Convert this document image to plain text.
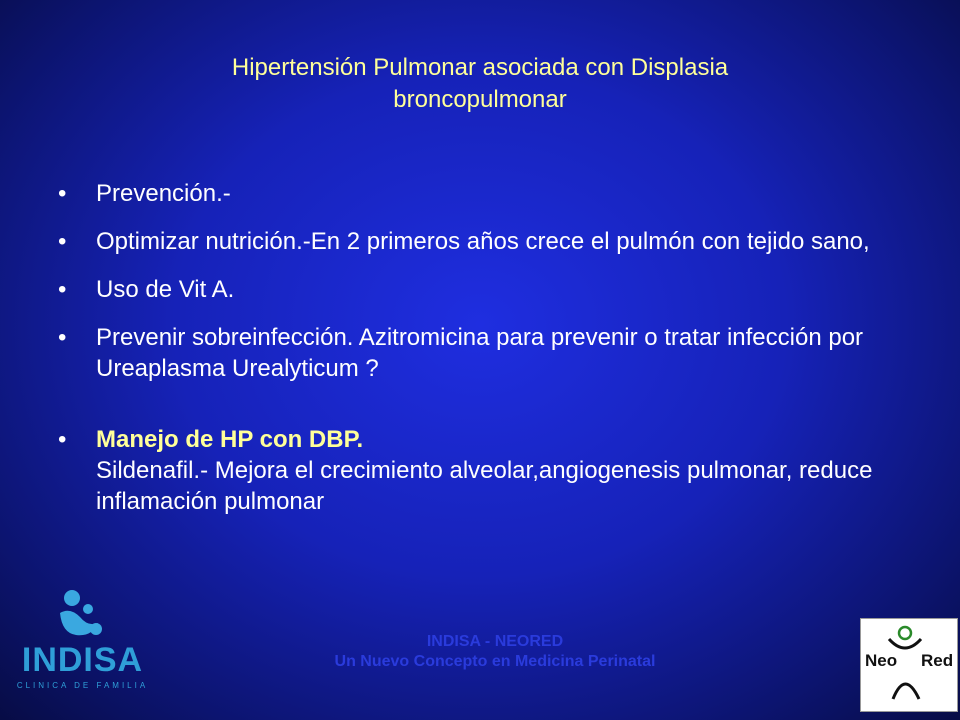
Hipertensión Pulmonar asociada con Displasia
broncopulmonar
• Prevención.-
• Optimizar nutrición.-En 2 primeros años crece el pulmón con tejido sano,
• Uso de Vit A.
• Prevenir sobreinfección. Azitromicina para prevenir o tratar infección por Ureaplasma Urealyticum ?
• Manejo de HP con DBP.
Sildenafil.- Mejora el crecimiento alveolar,angiogenesis pulmonar, reduce inflamación pulmonar
INDISA - NEORED
Un Nuevo Concepto en Medicina Perinatal
INDISA
CLINICA DE FAMILIA
Neo Red
